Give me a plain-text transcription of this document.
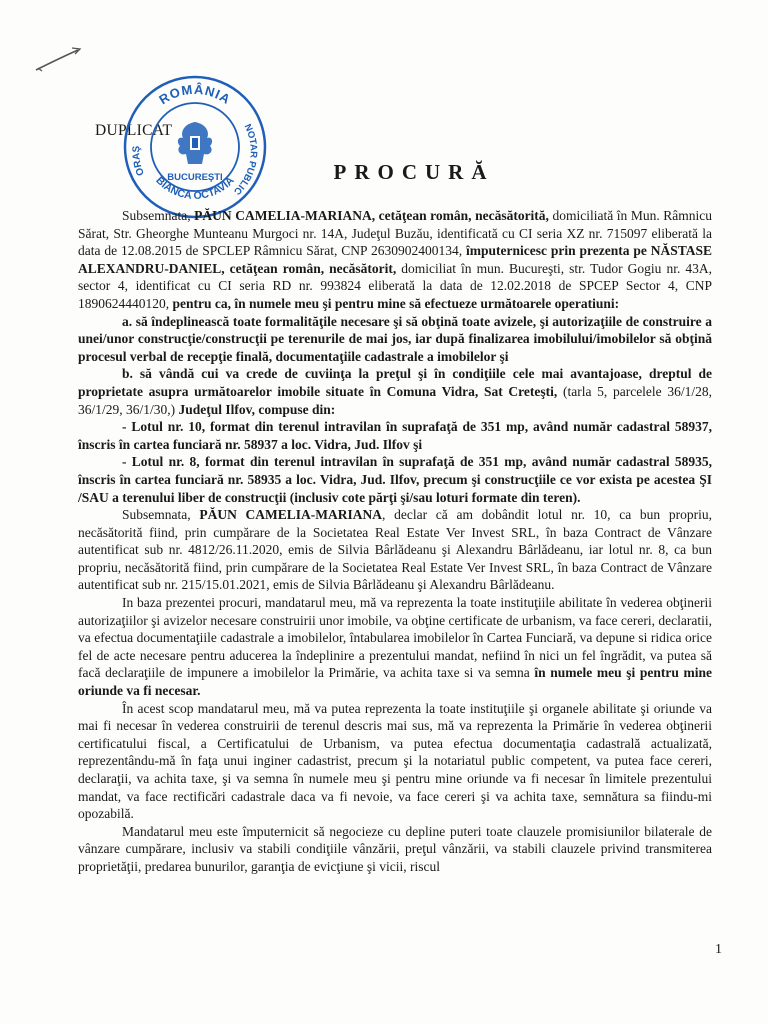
DUPLICAT
ROMÂNIA
ORAŞ
NOTAR PUBLIC
BIANCA OCTAVIA
BUCUREŞTI	PROCURĂ

Subsemnata, PĂUN CAMELIA-MARIANA, cetăţean român, necăsătorită, domiciliată în Mun. Râmnicu Sărat, Str. Gheorghe Munteanu Murgoci nr. 14A, Judeţul Buzău, identificată cu CI seria XZ nr. 715097 eliberată la data de 12.08.2015 de SPCLEP Râmnicu Sărat, CNP 2630902400134, împuternicesc prin prezenta pe NĂSTASE ALEXANDRU-DANIEL, cetăţean român, necăsătorit, domiciliat în mun. Bucureşti, str. Tudor Gogiu nr. 43A, sector 4, identificat cu CI seria RD nr. 993824 eliberată la data de 12.02.2018 de SPCEP Sector 4, CNP 1890624440120, pentru ca, în numele meu şi pentru mine să efectueze următoarele operatiuni:

a. să îndeplinească toate formalităţile necesare şi să obţină toate avizele, şi autorizaţiile de construire a unei/unor construcţie/construcţii pe terenurile de mai jos, iar după finalizarea imobilului/imobilelor să obţină procesul verbal de recepţie finală, documentaţiile cadastrale a imobilelor şi

b. să vândă cui va crede de cuviinţa la preţul şi în condiţiile cele mai avantajoase, dreptul de proprietate asupra următoarelor imobile situate în Comuna Vidra, Sat Creteşti, (tarla 5, parcelele 36/1/28, 36/1/29, 36/1/30,) Judeţul Ilfov, compuse din:

- Lotul nr. 10, format din terenul intravilan în suprafaţă de 351 mp, având număr cadastral 58937, înscris în cartea funciară nr. 58937 a loc. Vidra, Jud. Ilfov şi

- Lotul nr. 8, format din terenul intravilan în suprafaţă de 351 mp, având număr cadastral 58935, înscris în cartea funciară nr. 58935 a loc. Vidra, Jud. Ilfov, precum şi construcţiile ce vor exista pe acestea ŞI /SAU a terenului liber de construcţii (inclusiv cote părţi şi/sau loturi formate din teren).

Subsemnata, PĂUN CAMELIA-MARIANA, declar că am dobândit lotul nr. 10, ca bun propriu, necăsătorită fiind, prin cumpărare de la Societatea Real Estate Ver Invest SRL, în baza Contract de Vânzare autentificat sub nr. 4812/26.11.2020, emis de Silvia Bârlădeanu şi Alexandru Bârlădeanu, iar lotul nr. 8, ca bun propriu, necăsătorită fiind, prin cumpărare de la Societatea Real Estate Ver Invest SRL, în baza Contract de Vânzare autentificat sub nr. 215/15.01.2021, emis de Silvia Bârlădeanu şi Alexandru Bârlădeanu.

In baza prezentei procuri, mandatarul meu, mă va reprezenta la toate instituţiile abilitate în vederea obţinerii autorizaţiilor şi avizelor necesare construirii unor imobile, va obţine certificate de urbanism, va face cereri, declaratii, va efectua documentaţiile cadastrale a imobilelor, întabularea imobilelor în Cartea Funciară, va depune si ridica orice fel de acte necesare pentru aducerea la îndeplinire a prezentului mandat, nefiind în nici un fel îngrădit, va putea să facă declaraţiile de impunere a imobilelor la Primărie, va achita taxe si va semna în numele meu şi pentru mine oriunde va fi necesar.

În acest scop mandatarul meu, mă va putea reprezenta la toate instituţiile şi organele abilitate şi oriunde va mai fi necesar în vederea construirii de terenul descris mai sus, mă va reprezenta la Primărie în vederea obţinerii certificatului fiscal, a Certificatului de Urbanism, va putea efectua documentaţia cadastrală actualizată, reprezentându-mă în faţa unui inginer cadastrist, precum şi la notariatul public competent, va putea face cereri, declaraţii, va achita taxe, şi va semna în numele meu şi pentru mine oriunde va fi necesar în limitele prezentului mandat, va face rectificări cadastrale daca va fi nevoie, va face cereri şi va achita taxe, semnătura sa fiindu-mi opozabilă.

Mandatarul meu este împuternicit să negocieze cu depline puteri toate clauzele promisiunilor bilaterale de vânzare cumpărare, inclusiv va stabili condiţiile vânzării, preţul vânzării, va stabili clauzele privind transmiterea proprietăţii, predarea bunurilor, garanţia de evicţiune şi vicii, riscul

1
